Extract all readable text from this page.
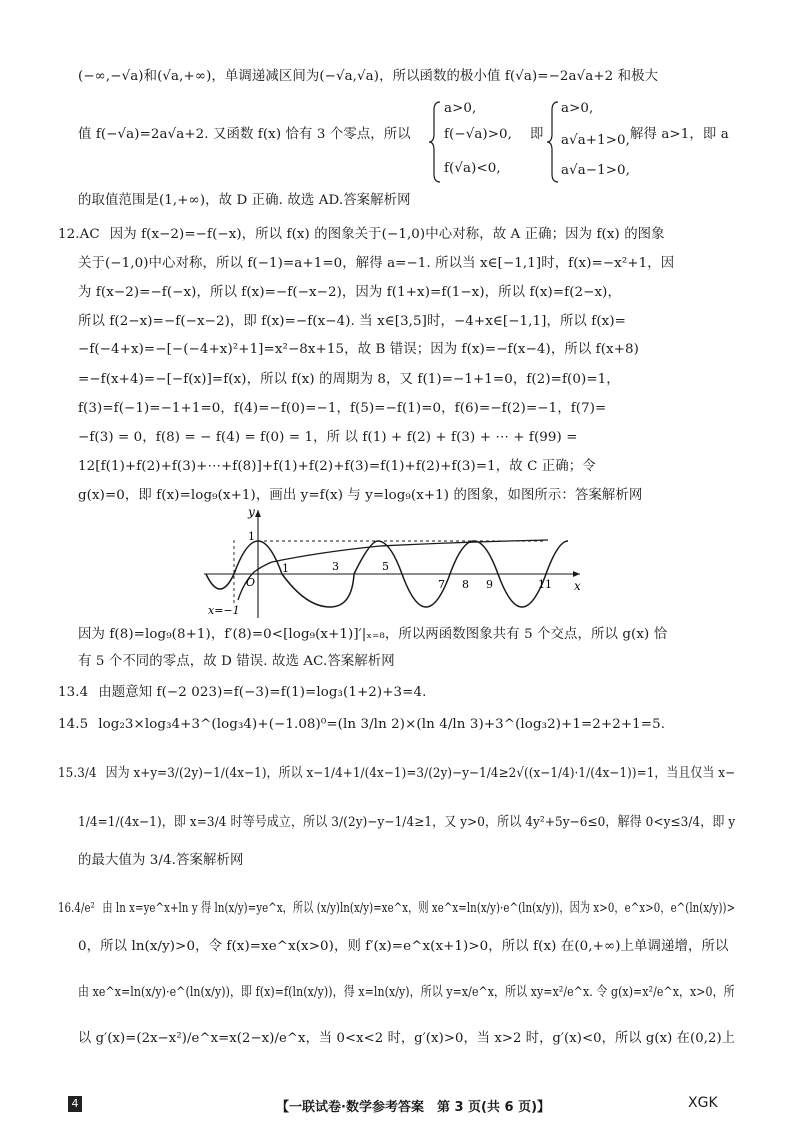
(−∞,−√a)和(√a,+∞)，单调递减区间为(−√a,√a)，所以函数的极小值 f(√a)=−2a√a+2 和极大
值 f(−√a)=2a√a+2. 又函数 f(x) 恰有 3 个零点，所以
a>0,
f(−√a)>0,
f(√a)<0,
即
a>0,
a√a+1>0,
a√a−1>0,
解得 a>1，即 a
的取值范围是(1,+∞)，故 D 正确. 故选 AD.答案解析网
12.AC 因为 f(x−2)=−f(−x)，所以 f(x) 的图象关于(−1,0)中心对称，故 A 正确；因为 f(x) 的图象
关于(−1,0)中心对称，所以 f(−1)=a+1=0，解得 a=−1. 所以当 x∈[−1,1]时，f(x)=−x²+1，因
为 f(x−2)=−f(−x)，所以 f(x)=−f(−x−2)，因为 f(1+x)=f(1−x)，所以 f(x)=f(2−x)，
所以 f(2−x)=−f(−x−2)，即 f(x)=−f(x−4). 当 x∈[3,5]时，−4+x∈[−1,1]，所以 f(x)=
−f(−4+x)=−[−(−4+x)²+1]=x²−8x+15，故 B 错误；因为 f(x)=−f(x−4)，所以 f(x+8)
=−f(x+4)=−[−f(x)]=f(x)，所以 f(x) 的周期为 8，又 f(1)=−1+1=0，f(2)=f(0)=1，
f(3)=f(−1)=−1+1=0，f(4)=−f(0)=−1，f(5)=−f(1)=0，f(6)=−f(2)=−1，f(7)=
−f(3) = 0，f(8) = − f(4) = f(0) = 1，所 以 f(1) + f(2) + f(3) + ⋯ + f(99) =
12[f(1)+f(2)+f(3)+⋯+f(8)]+f(1)+f(2)+f(3)=f(1)+f(2)+f(3)=1，故 C 正确；令
g(x)=0，即 f(x)=log₉(x+1)，画出 y=f(x) 与 y=log₉(x+1) 的图象，如图所示：答案解析网
y
x
O
1
1	3	5
7 8 9	11
x=−1
因为 f(8)=log₉(8+1)，f′(8)=0<[log₉(x+1)]′|ₓ₌₈，所以两函数图象共有 5 个交点，所以 g(x) 恰
有 5 个不同的零点，故 D 错误. 故选 AC.答案解析网
13.4 由题意知 f(−2 023)=f(−3)=f(1)=log₃(1+2)+3=4.
14.5 log₂3×log₃4+3^(log₃4)+(−1.08)⁰=(ln 3/ln 2)×(ln 4/ln 3)+3^(log₃2)+1=2+2+1=5.
15.3/4 因为 x+y=3/(2y)−1/(4x−1)，所以 x−1/4+1/(4x−1)=3/(2y)−y−1/4≥2√((x−1/4)·1/(4x−1))=1，当且仅当 x−
1/4=1/(4x−1)，即 x=3/4 时等号成立，所以 3/(2y)−y−1/4≥1，又 y>0，所以 4y²+5y−6≤0，解得 0<y≤3/4，即 y
的最大值为 3/4.答案解析网
16.4/e² 由 ln x=ye^x+ln y 得 ln(x/y)=ye^x，所以 (x/y)ln(x/y)=xe^x，则 xe^x=ln(x/y)·e^(ln(x/y))，因为 x>0，e^x>0，e^(ln(x/y))>
0，所以 ln(x/y)>0，令 f(x)=xe^x(x>0)，则 f′(x)=e^x(x+1)>0，所以 f(x) 在(0,+∞)上单调递增，所以
由 xe^x=ln(x/y)·e^(ln(x/y))，即 f(x)=f(ln(x/y))，得 x=ln(x/y)，所以 y=x/e^x，所以 xy=x²/e^x. 令 g(x)=x²/e^x，x>0，所
以 g′(x)=(2x−x²)/e^x=x(2−x)/e^x，当 0<x<2 时，g′(x)>0，当 x>2 时，g′(x)<0，所以 g(x) 在(0,2)上
4	【一联试卷·数学参考答案　第 3 页(共 6 页)】	XGK
